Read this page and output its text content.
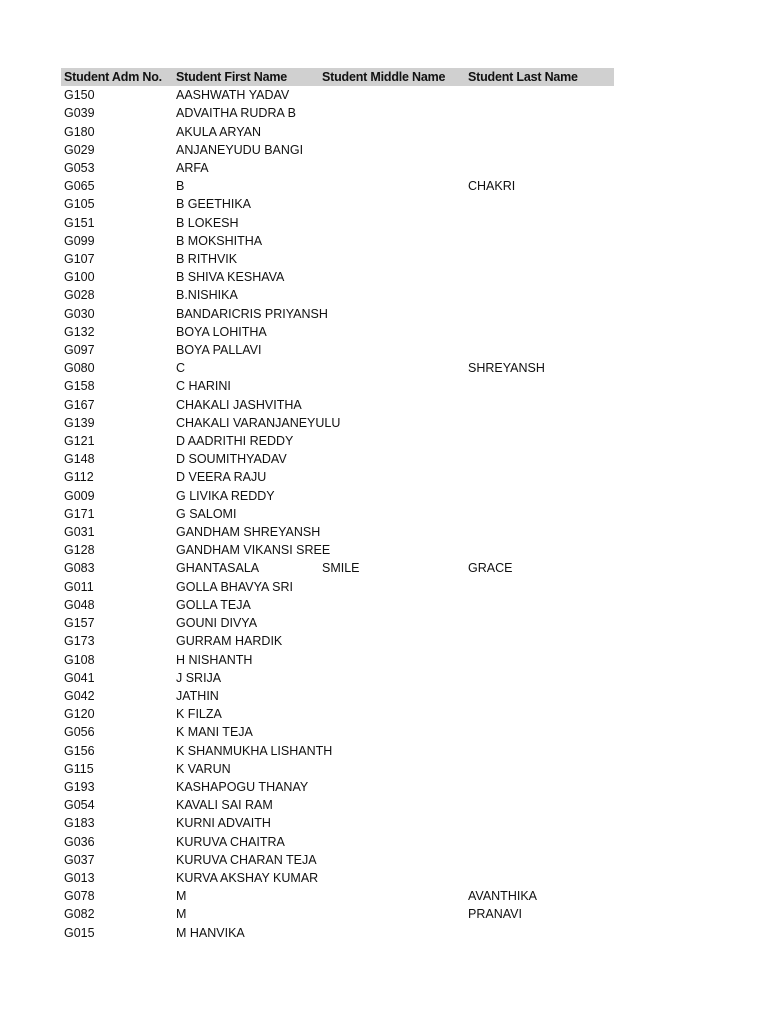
Student Adm No.	Student First Name	Student Middle Name	Student Last Name
G150	AASHWATH YADAV		
G039	ADVAITHA RUDRA B		
G180	AKULA ARYAN		
G029	ANJANEYUDU BANGI		
G053	ARFA		
G065	B		CHAKRI
G105	B GEETHIKA		
G151	B LOKESH		
G099	B MOKSHITHA		
G107	B RITHVIK		
G100	B SHIVA KESHAVA		
G028	B.NISHIKA		
G030	BANDARICRIS PRIYANSH		
G132	BOYA LOHITHA		
G097	BOYA PALLAVI		
G080	C		SHREYANSH
G158	C HARINI		
G167	CHAKALI JASHVITHA		
G139	CHAKALI VARANJANEYULU		
G121	D AADRITHI REDDY		
G148	D SOUMITHYADAV		
G112	D VEERA RAJU		
G009	G LIVIKA REDDY		
G171	G SALOMI		
G031	GANDHAM SHREYANSH		
G128	GANDHAM VIKANSI SREE		
G083	GHANTASALA	SMILE	GRACE
G011	GOLLA BHAVYA SRI		
G048	GOLLA TEJA		
G157	GOUNI DIVYA		
G173	GURRAM HARDIK		
G108	H NISHANTH		
G041	J SRIJA		
G042	JATHIN		
G120	K FILZA		
G056	K MANI TEJA		
G156	K SHANMUKHA LISHANTH		
G115	K VARUN		
G193	KASHAPOGU THANAY		
G054	KAVALI SAI RAM		
G183	KURNI ADVAITH		
G036	KURUVA CHAITRA		
G037	KURUVA CHARAN TEJA		
G013	KURVA AKSHAY KUMAR		
G078	M		AVANTHIKA
G082	M		PRANAVI
G015	M HANVIKA		
